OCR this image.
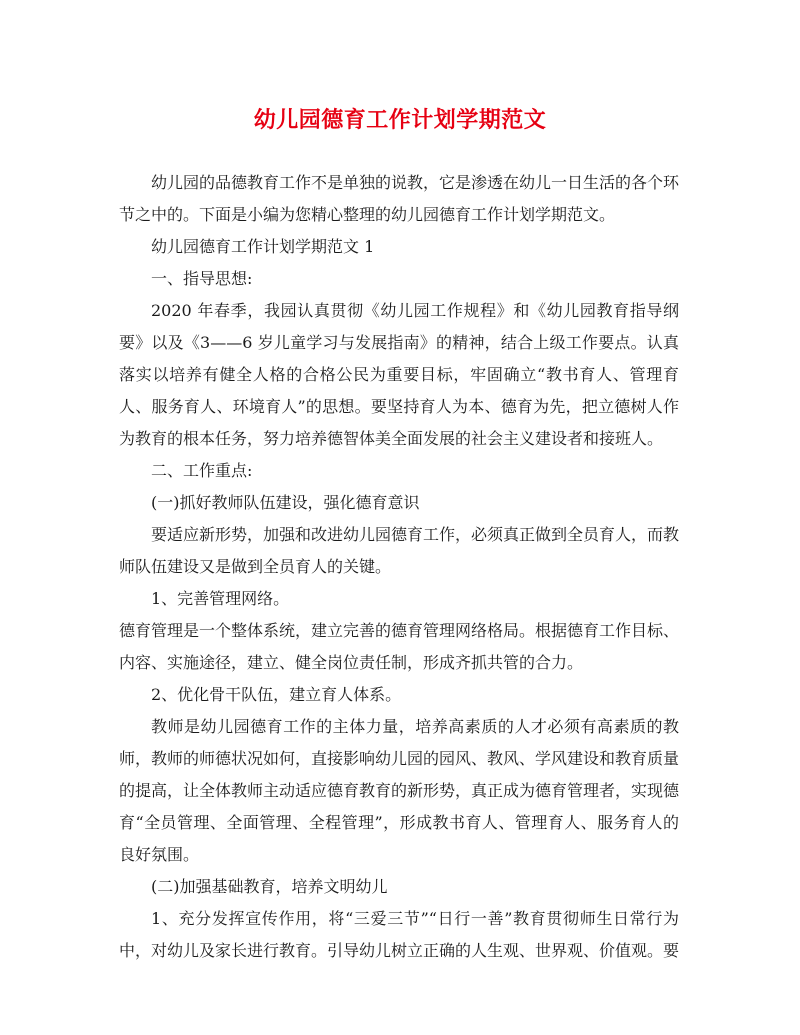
幼儿园德育工作计划学期范文

幼儿园的品德教育工作不是单独的说教，它是渗透在幼儿一日生活的各个环节之中的。下面是小编为您精心整理的幼儿园德育工作计划学期范文。

幼儿园德育工作计划学期范文 1

一、指导思想:

2020 年春季，我园认真贯彻《幼儿园工作规程》和《幼儿园教育指导纲要》以及《3——6 岁儿童学习与发展指南》的精神，结合上级工作要点。认真落实以培养有健全人格的合格公民为重要目标，牢固确立“教书育人、管理育人、服务育人、环境育人”的思想。要坚持育人为本、德育为先，把立德树人作为教育的根本任务，努力培养德智体美全面发展的社会主义建设者和接班人。

二、工作重点:

(一)抓好教师队伍建设，强化德育意识

要适应新形势，加强和改进幼儿园德育工作，必须真正做到全员育人，而教师队伍建设又是做到全员育人的关键。

1、完善管理网络。

德育管理是一个整体系统，建立完善的德育管理网络格局。根据德育工作目标、内容、实施途径，建立、健全岗位责任制，形成齐抓共管的合力。

2、优化骨干队伍，建立育人体系。

教师是幼儿园德育工作的主体力量，培养高素质的人才必须有高素质的教师，教师的师德状况如何，直接影响幼儿园的园风、教风、学风建设和教育质量的提高，让全体教师主动适应德育教育的新形势，真正成为德育管理者，实现德育“全员管理、全面管理、全程管理”，形成教书育人、管理育人、服务育人的良好氛围。

(二)加强基础教育，培养文明幼儿

1、充分发挥宣传作用，将“三爱三节”“日行一善”教育贯彻师生日常行为中，对幼儿及家长进行教育。引导幼儿树立正确的人生观、世界观、价值观。要
